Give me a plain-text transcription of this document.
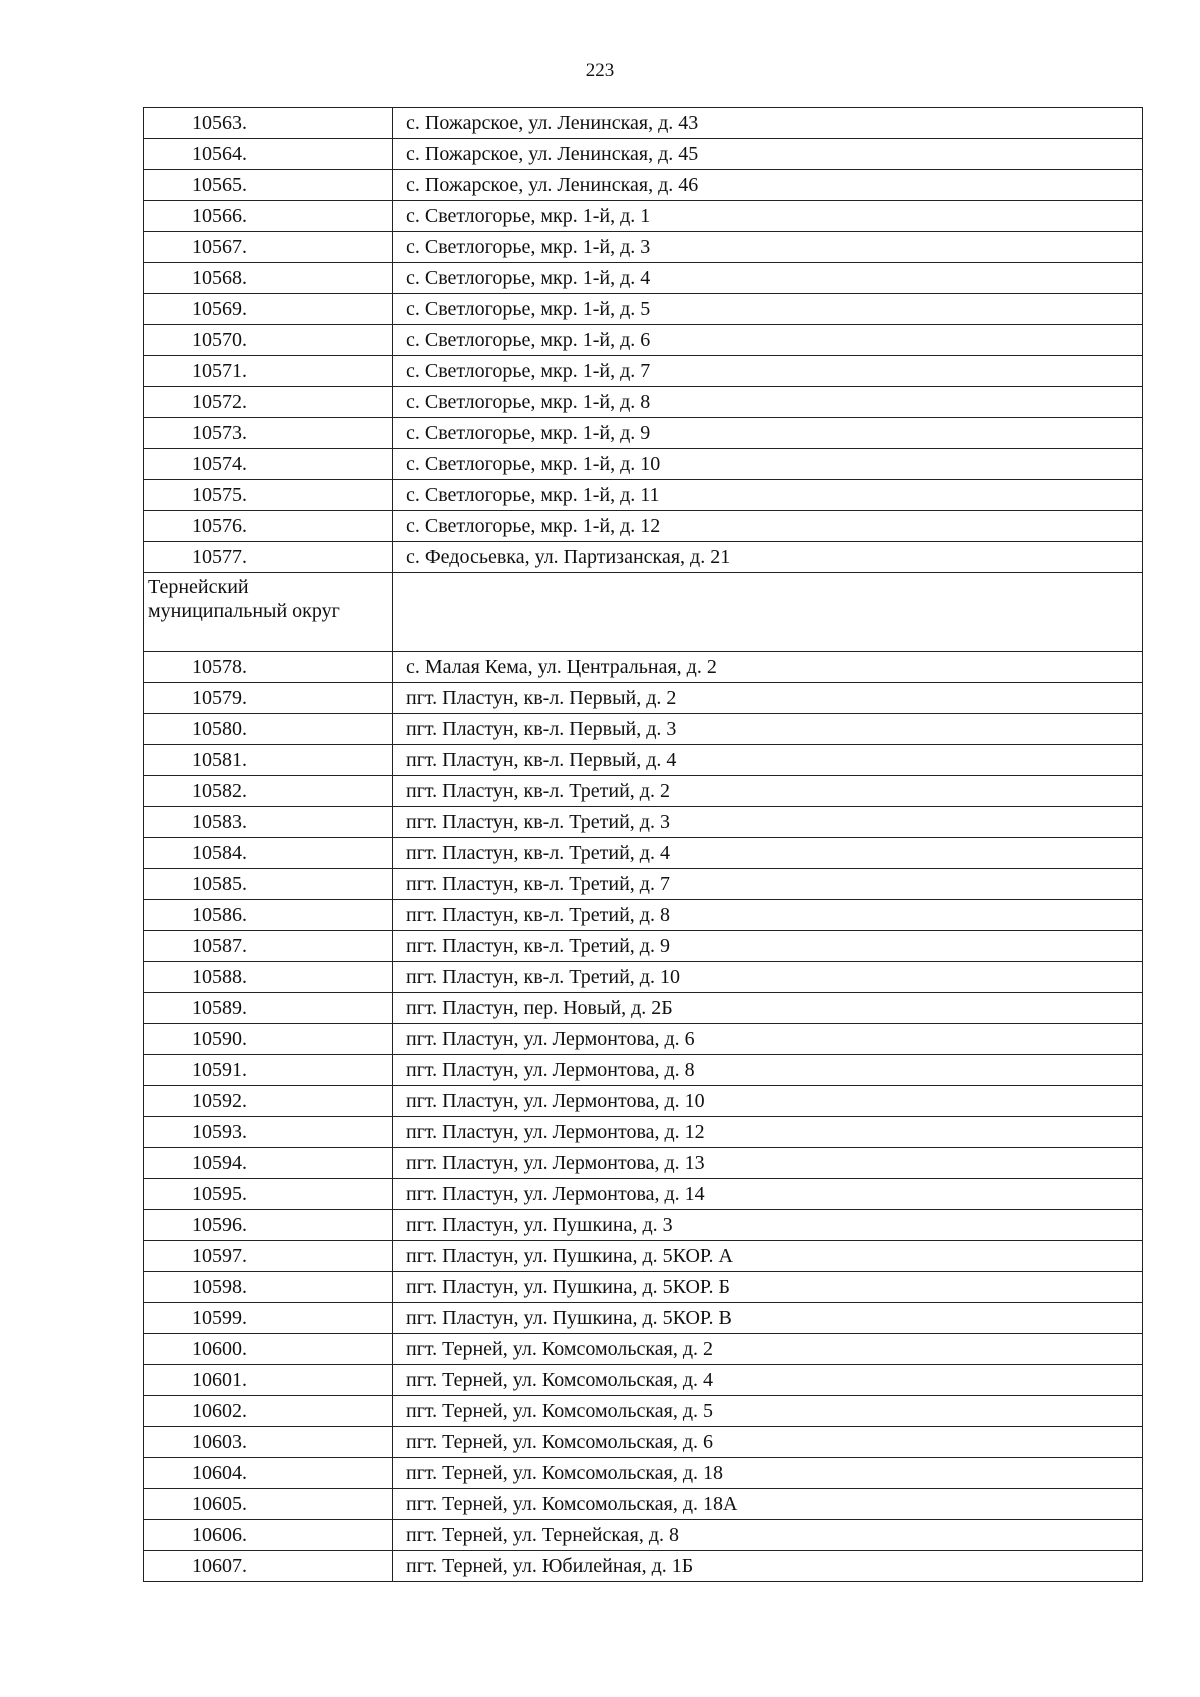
223
10563.	с. Пожарское, ул. Ленинская, д. 43
10564.	с. Пожарское, ул. Ленинская, д. 45
10565.	с. Пожарское, ул. Ленинская, д. 46
10566.	с. Светлогорье, мкр. 1-й, д. 1
10567.	с. Светлогорье, мкр. 1-й, д. 3
10568.	с. Светлогорье, мкр. 1-й, д. 4
10569.	с. Светлогорье, мкр. 1-й, д. 5
10570.	с. Светлогорье, мкр. 1-й, д. 6
10571.	с. Светлогорье, мкр. 1-й, д. 7
10572.	с. Светлогорье, мкр. 1-й, д. 8
10573.	с. Светлогорье, мкр. 1-й, д. 9
10574.	с. Светлогорье, мкр. 1-й, д. 10
10575.	с. Светлогорье, мкр. 1-й, д. 11
10576.	с. Светлогорье, мкр. 1-й, д. 12
10577.	с. Федосьевка, ул. Партизанская, д. 21
Тернейский муниципальный округ	
10578.	с. Малая Кема, ул. Центральная, д. 2
10579.	пгт. Пластун, кв-л. Первый, д. 2
10580.	пгт. Пластун, кв-л. Первый, д. 3
10581.	пгт. Пластун, кв-л. Первый, д. 4
10582.	пгт. Пластун, кв-л. Третий, д. 2
10583.	пгт. Пластун, кв-л. Третий, д. 3
10584.	пгт. Пластун, кв-л. Третий, д. 4
10585.	пгт. Пластун, кв-л. Третий, д. 7
10586.	пгт. Пластун, кв-л. Третий, д. 8
10587.	пгт. Пластун, кв-л. Третий, д. 9
10588.	пгт. Пластун, кв-л. Третий, д. 10
10589.	пгт. Пластун, пер. Новый, д. 2Б
10590.	пгт. Пластун, ул. Лермонтова, д. 6
10591.	пгт. Пластун, ул. Лермонтова, д. 8
10592.	пгт. Пластун, ул. Лермонтова, д. 10
10593.	пгт. Пластун, ул. Лермонтова, д. 12
10594.	пгт. Пластун, ул. Лермонтова, д. 13
10595.	пгт. Пластун, ул. Лермонтова, д. 14
10596.	пгт. Пластун, ул. Пушкина, д. 3
10597.	пгт. Пластун, ул. Пушкина, д. 5КОР. А
10598.	пгт. Пластун, ул. Пушкина, д. 5КОР. Б
10599.	пгт. Пластун, ул. Пушкина, д. 5КОР. В
10600.	пгт. Терней, ул. Комсомольская, д. 2
10601.	пгт. Терней, ул. Комсомольская, д. 4
10602.	пгт. Терней, ул. Комсомольская, д. 5
10603.	пгт. Терней, ул. Комсомольская, д. 6
10604.	пгт. Терней, ул. Комсомольская, д. 18
10605.	пгт. Терней, ул. Комсомольская, д. 18А
10606.	пгт. Терней, ул. Тернейская, д. 8
10607.	пгт. Терней, ул. Юбилейная, д. 1Б
